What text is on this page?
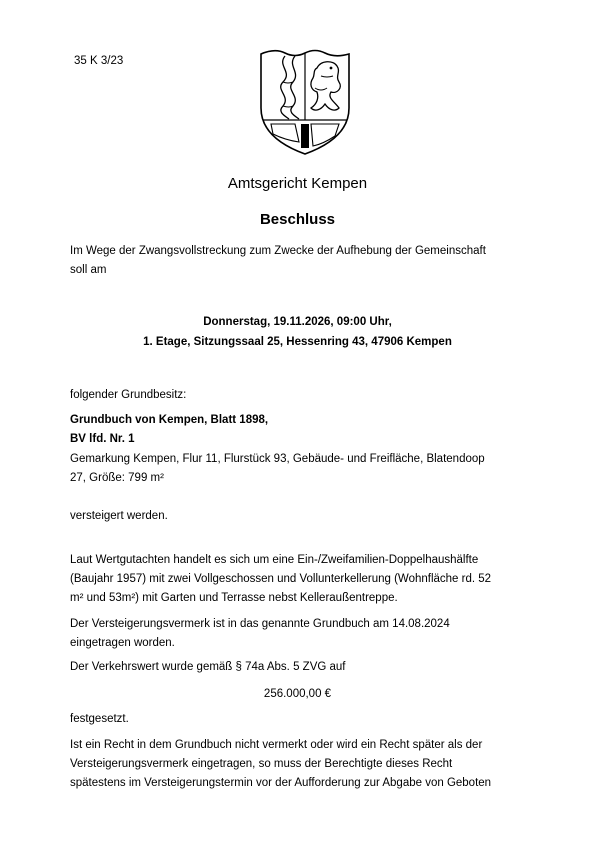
35 K 3/23
Amtsgericht Kempen
Beschluss
Im Wege der Zwangsvollstreckung zum Zwecke der Aufhebung der Gemeinschaft
soll am
Donnerstag, 19.11.2026, 09:00 Uhr,
1. Etage, Sitzungssaal 25, Hessenring 43, 47906 Kempen
folgender Grundbesitz:
Grundbuch von Kempen, Blatt 1898,
BV lfd. Nr. 1
Gemarkung Kempen, Flur 11, Flurstück 93, Gebäude- und Freifläche, Blatendoop
27, Größe: 799 m²
versteigert werden.
Laut Wertgutachten handelt es sich um eine Ein-/Zweifamilien-Doppelhaushälfte
(Baujahr 1957) mit zwei Vollgeschossen und Vollunterkellerung (Wohnfläche rd. 52
m² und 53m²) mit Garten und Terrasse nebst Kelleraußentreppe.
Der Versteigerungsvermerk ist in das genannte Grundbuch am 14.08.2024
eingetragen worden.
Der Verkehrswert wurde gemäß § 74a Abs. 5 ZVG auf
256.000,00 €
festgesetzt.
Ist ein Recht in dem Grundbuch nicht vermerkt oder wird ein Recht später als der
Versteigerungsvermerk eingetragen, so muss der Berechtigte dieses Recht
spätestens im Versteigerungstermin vor der Aufforderung zur Abgabe von Geboten
